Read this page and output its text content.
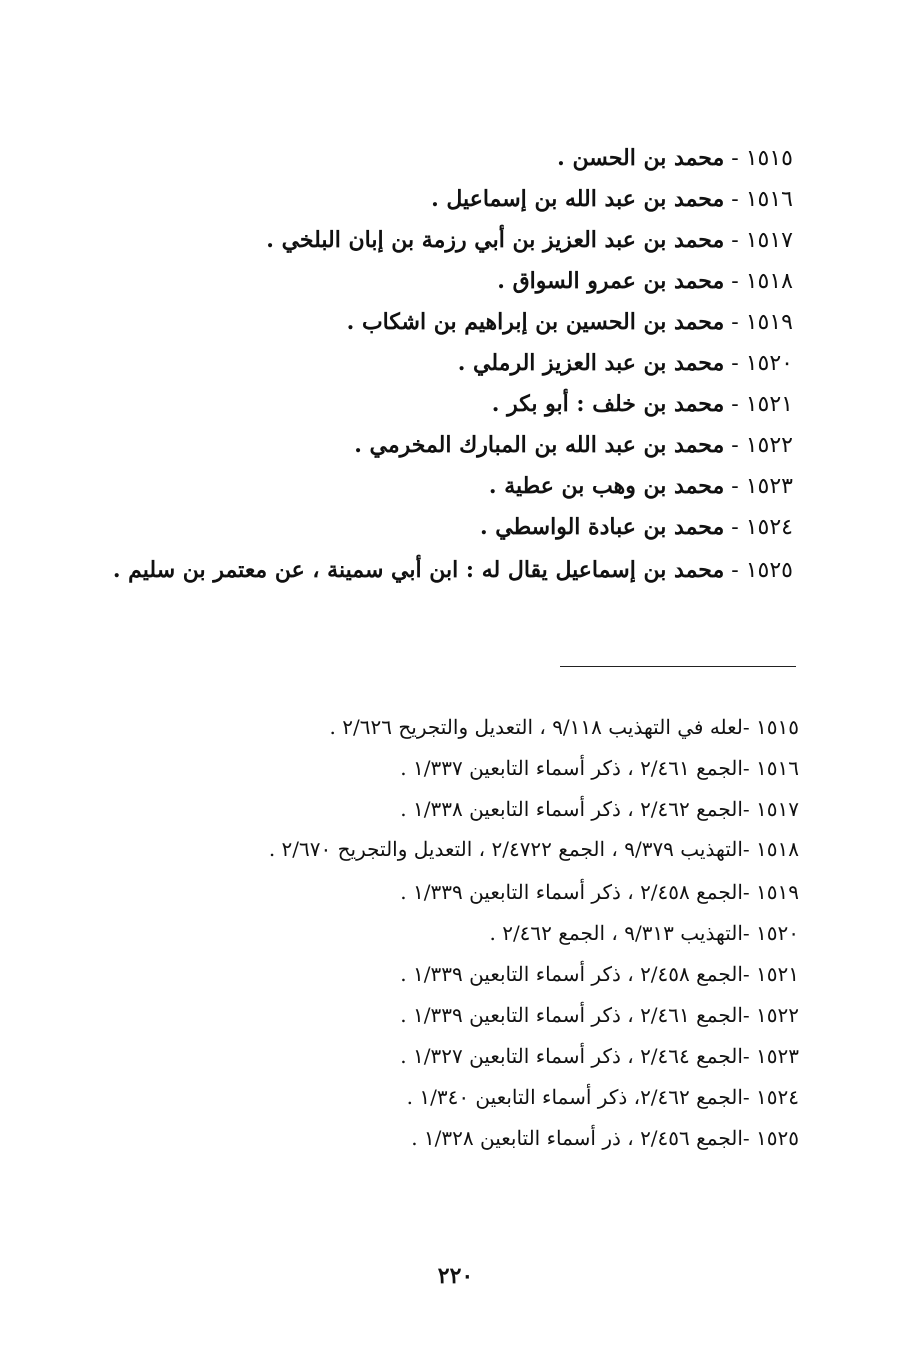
١٥١٥ - محمد بن الحسن .
١٥١٦ - محمد بن عبد الله بن إسماعيل .
١٥١٧ - محمد بن عبد العزيز بن أبي رزمة بن إبان البلخي .
١٥١٨ - محمد بن عمرو السواق .
١٥١٩ - محمد بن الحسين بن إبراهيم بن اشكاب .
١٥٢٠ - محمد بن عبد العزيز الرملي .
١٥٢١ - محمد بن خلف : أبو بكر .
١٥٢٢ - محمد بن عبد الله بن المبارك المخرمي .
١٥٢٣ - محمد بن وهب بن عطية .
١٥٢٤ - محمد بن عبادة الواسطي .
١٥٢٥ - محمد بن إسماعيل يقال له : ابن أبي سمينة ، عن معتمر بن سليم .
١٥١٥ -لعله في التهذيب ٩/١١٨ ، التعديل والتجريح ٢/٦٢٦ .
١٥١٦ -الجمع ٢/٤٦١ ، ذكر أسماء التابعين ١/٣٣٧ .
١٥١٧ -الجمع ٢/٤٦٢ ، ذكر أسماء التابعين ١/٣٣٨ .
١٥١٨ -التهذيب ٩/٣٧٩ ، الجمع ٢/٤٧٢٢ ، التعديل والتجريح ٢/٦٧٠ .
١٥١٩ -الجمع ٢/٤٥٨ ، ذكر أسماء التابعين ١/٣٣٩ .
١٥٢٠ -التهذيب ٩/٣١٣ ، الجمع ٢/٤٦٢ .
١٥٢١ -الجمع ٢/٤٥٨ ، ذكر أسماء التابعين ١/٣٣٩ .
١٥٢٢ -الجمع ٢/٤٦١ ، ذكر أسماء التابعين ١/٣٣٩ .
١٥٢٣ -الجمع ٢/٤٦٤ ، ذكر أسماء التابعين ١/٣٢٧ .
١٥٢٤ -الجمع ٢/٤٦٢، ذكر أسماء التابعين ١/٣٤٠ .
١٥٢٥ -الجمع ٢/٤٥٦ ، ذر أسماء التابعين ١/٣٢٨ .
٢٢٠
